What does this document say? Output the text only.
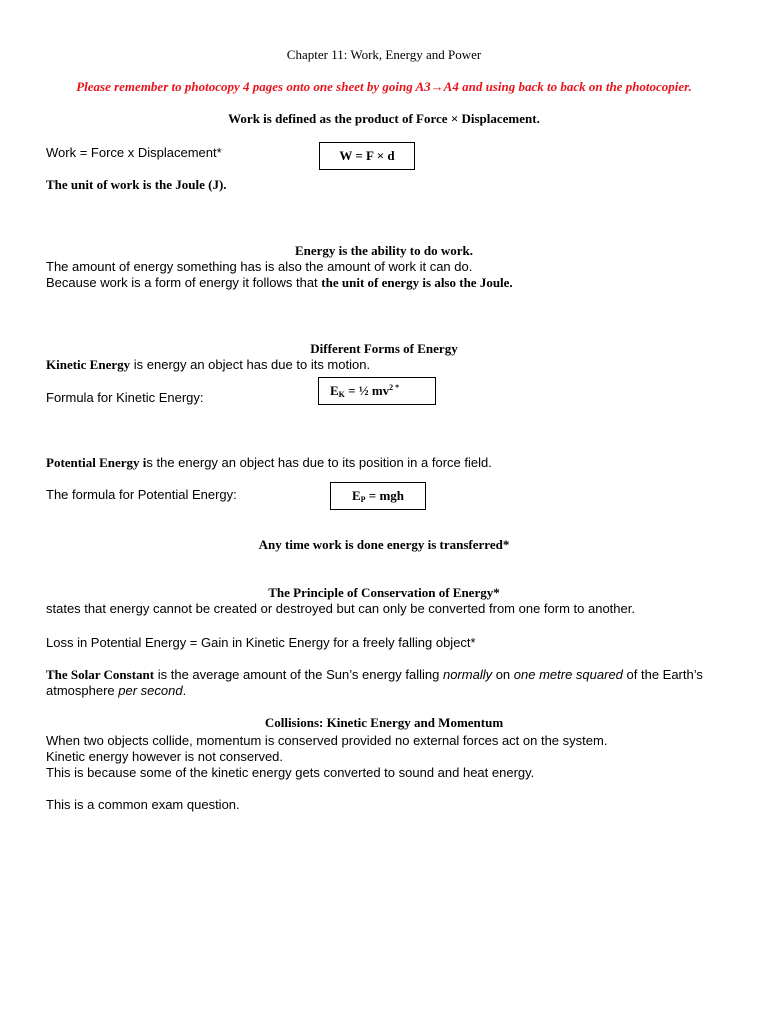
Chapter 11: Work, Energy and Power
Please remember to photocopy 4 pages onto one sheet by going A3→A4 and using back to back on the photocopier.
Work is defined as the product of Force × Displacement.
Work = Force x Displacement*	W = F × d
The unit of work is the Joule (J).
Energy is the ability to do work.
The amount of energy something has is also the amount of work it can do.
Because work is a form of energy it follows that the unit of energy is also the Joule.
Different Forms of Energy
Kinetic Energy is energy an object has due to its motion.
Formula for Kinetic Energy:	$E_K$ = ½ $mv^2$ *
Potential Energy is the energy an object has due to its position in a force field.
The formula for Potential Energy:	$E_P$ = mgh
Any time work is done energy is transferred*
The Principle of Conservation of Energy*
states that energy cannot be created or destroyed but can only be converted from one form to another.
Loss in Potential Energy = Gain in Kinetic Energy for a freely falling object*
The Solar Constant is the average amount of the Sun’s energy falling normally on one metre squared of the Earth’s
atmosphere per second.
Collisions: Kinetic Energy and Momentum
When two objects collide, momentum is conserved provided no external forces act on the system.
Kinetic energy however is not conserved.
This is because some of the kinetic energy gets converted to sound and heat energy.
This is a common exam question.
